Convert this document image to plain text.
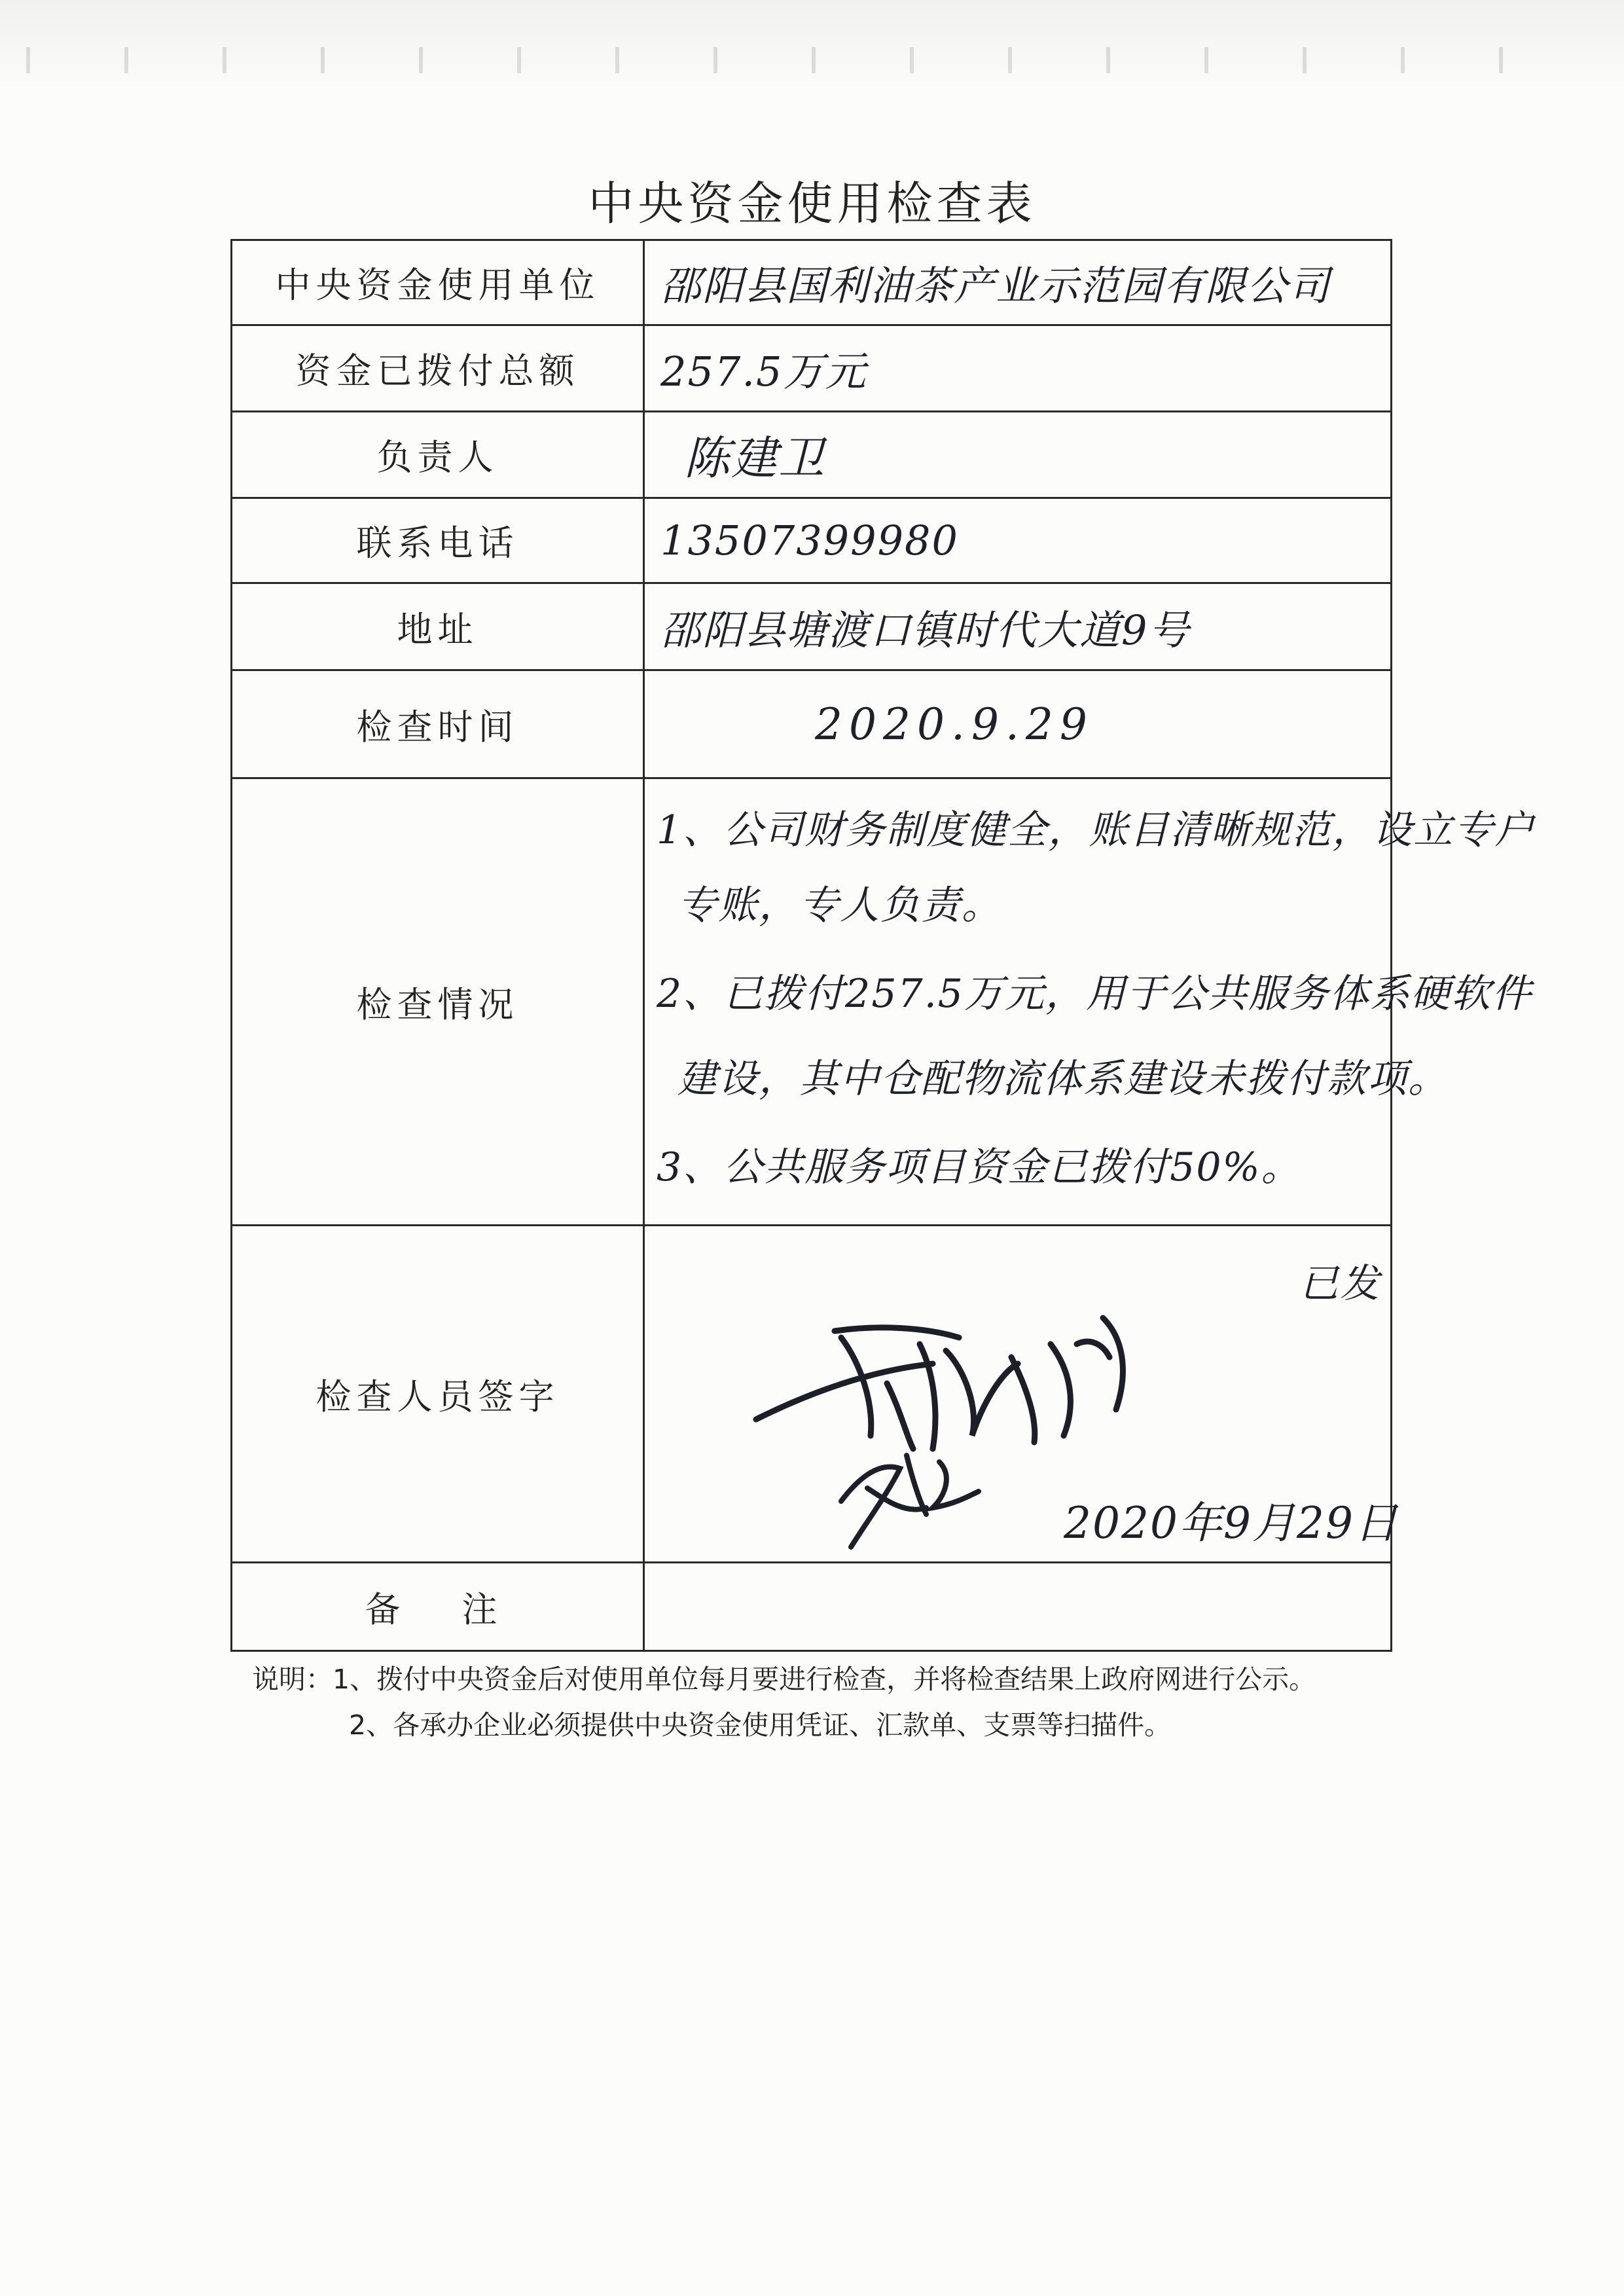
中央资金使用检查表
中央资金使用单位	邵阳县国利油茶产业示范园有限公司
资金已拨付总额	257.5万元
负责人	陈建卫
联系电话	13507399980
地址	邵阳县塘渡口镇时代大道9号
检查时间	2020.9.29
检查情况	1、公司财务制度健全，账目清晰规范，设立专户
专账，专人负责。
2、已拨付257.5万元，用于公共服务体系硬软件
建设，其中仓配物流体系建设未拨付款项。
3、公共服务项目资金已拨付50%。

检查人员签字	已发
2020年9月29日

备　注	
说明：1、拨付中央资金后对使用单位每月要进行检查，并将检查结果上政府网进行公示。
2、各承办企业必须提供中央资金使用凭证、汇款单、支票等扫描件。
